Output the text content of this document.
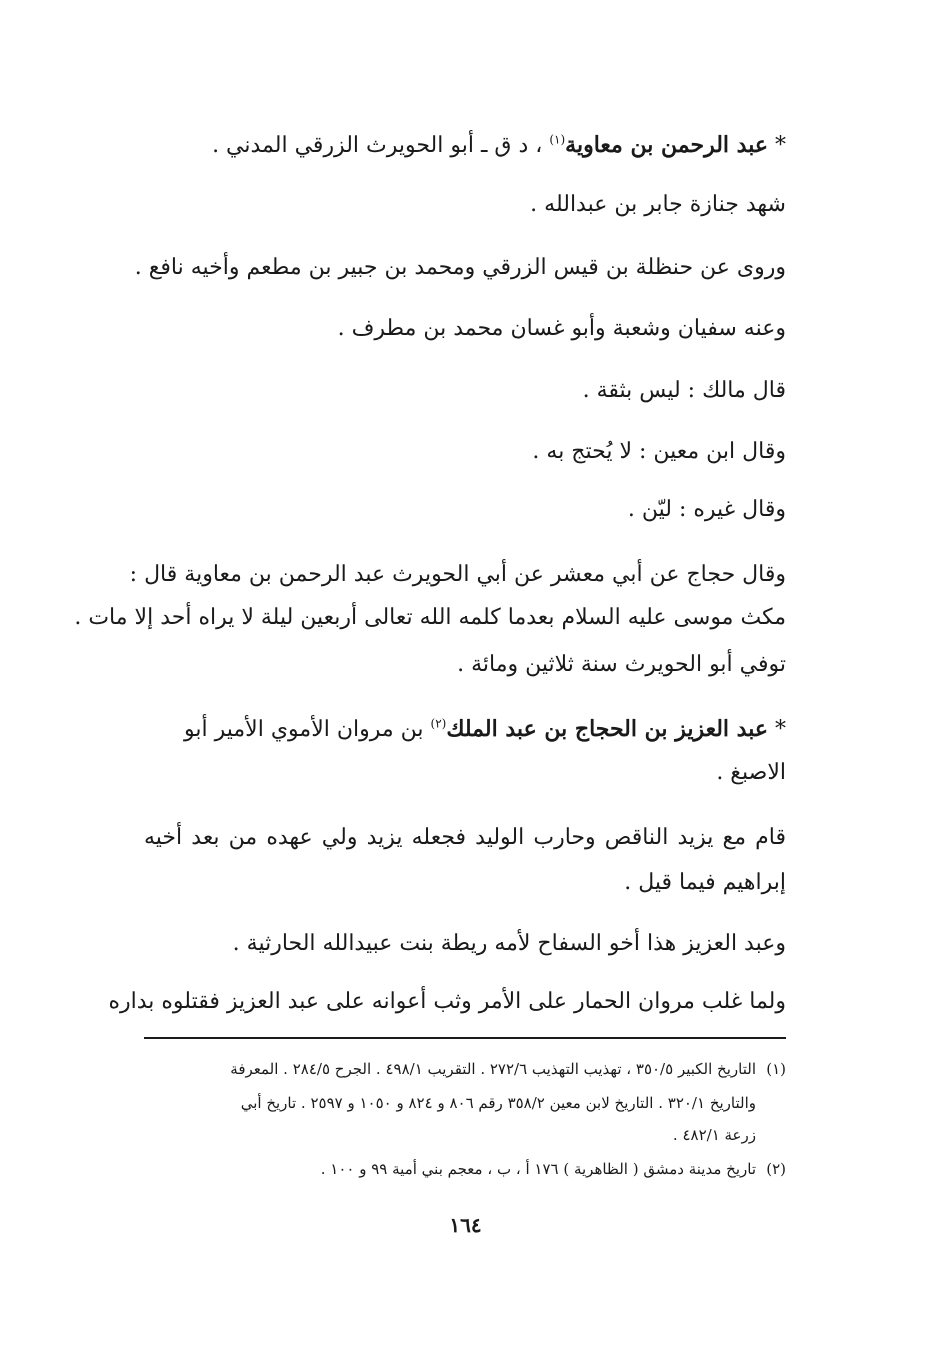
* عبد الرحمن بن معاوية$^{(١)}$ ، د ق ـ أبو الحويرث الزرقي المدني .
شهد جنازة جابر بن عبدالله .
وروى عن حنظلة بن قيس الزرقي ومحمد بن جبير بن مطعم وأخيه نافع .
وعنه سفيان وشعبة وأبو غسان محمد بن مطرف .
قال مالك : ليس بثقة .
وقال ابن معين : لا يُحتج به .
وقال غيره : ليّن .
وقال حجاج عن أبي معشر عن أبي الحويرث عبد الرحمن بن معاوية قال :
مكث موسى عليه السلام بعدما كلمه الله تعالى أربعين ليلة لا يراه أحد إلا مات .
توفي أبو الحويرث سنة ثلاثين ومائة .
* عبد العزيز بن الحجاج بن عبد الملك$^{(٢)}$ بن مروان الأموي الأمير أبو
الاصبغ .
قام مع يزيد الناقص وحارب الوليد فجعله يزيد ولي عهده من بعد أخيه
إبراهيم فيما قيل .
وعبد العزيز هذا أخو السفاح لأمه ريطة بنت عبيدالله الحارثية .
ولما غلب مروان الحمار على الأمر وثب أعوانه على عبد العزيز فقتلوه بداره
(١)التاريخ الكبير ٣٥٠/٥ ، تهذيب التهذيب ٢٧٢/٦ . التقريب ٤٩٨/١ . الجرح ٢٨٤/٥ . المعرفة
والتاريخ ٣٢٠/١ . التاريخ لابن معين ٣٥٨/٢ رقم ٨٠٦ و ٨٢٤ و ١٠٥٠ و ٢٥٩٧ . تاريخ أبي
زرعة ٤٨٢/١ .
(٢)تاريخ مدينة دمشق ( الظاهرية ) ١٧٦ أ ، ب ، معجم بني أمية ٩٩ و ١٠٠ .
١٦٤
